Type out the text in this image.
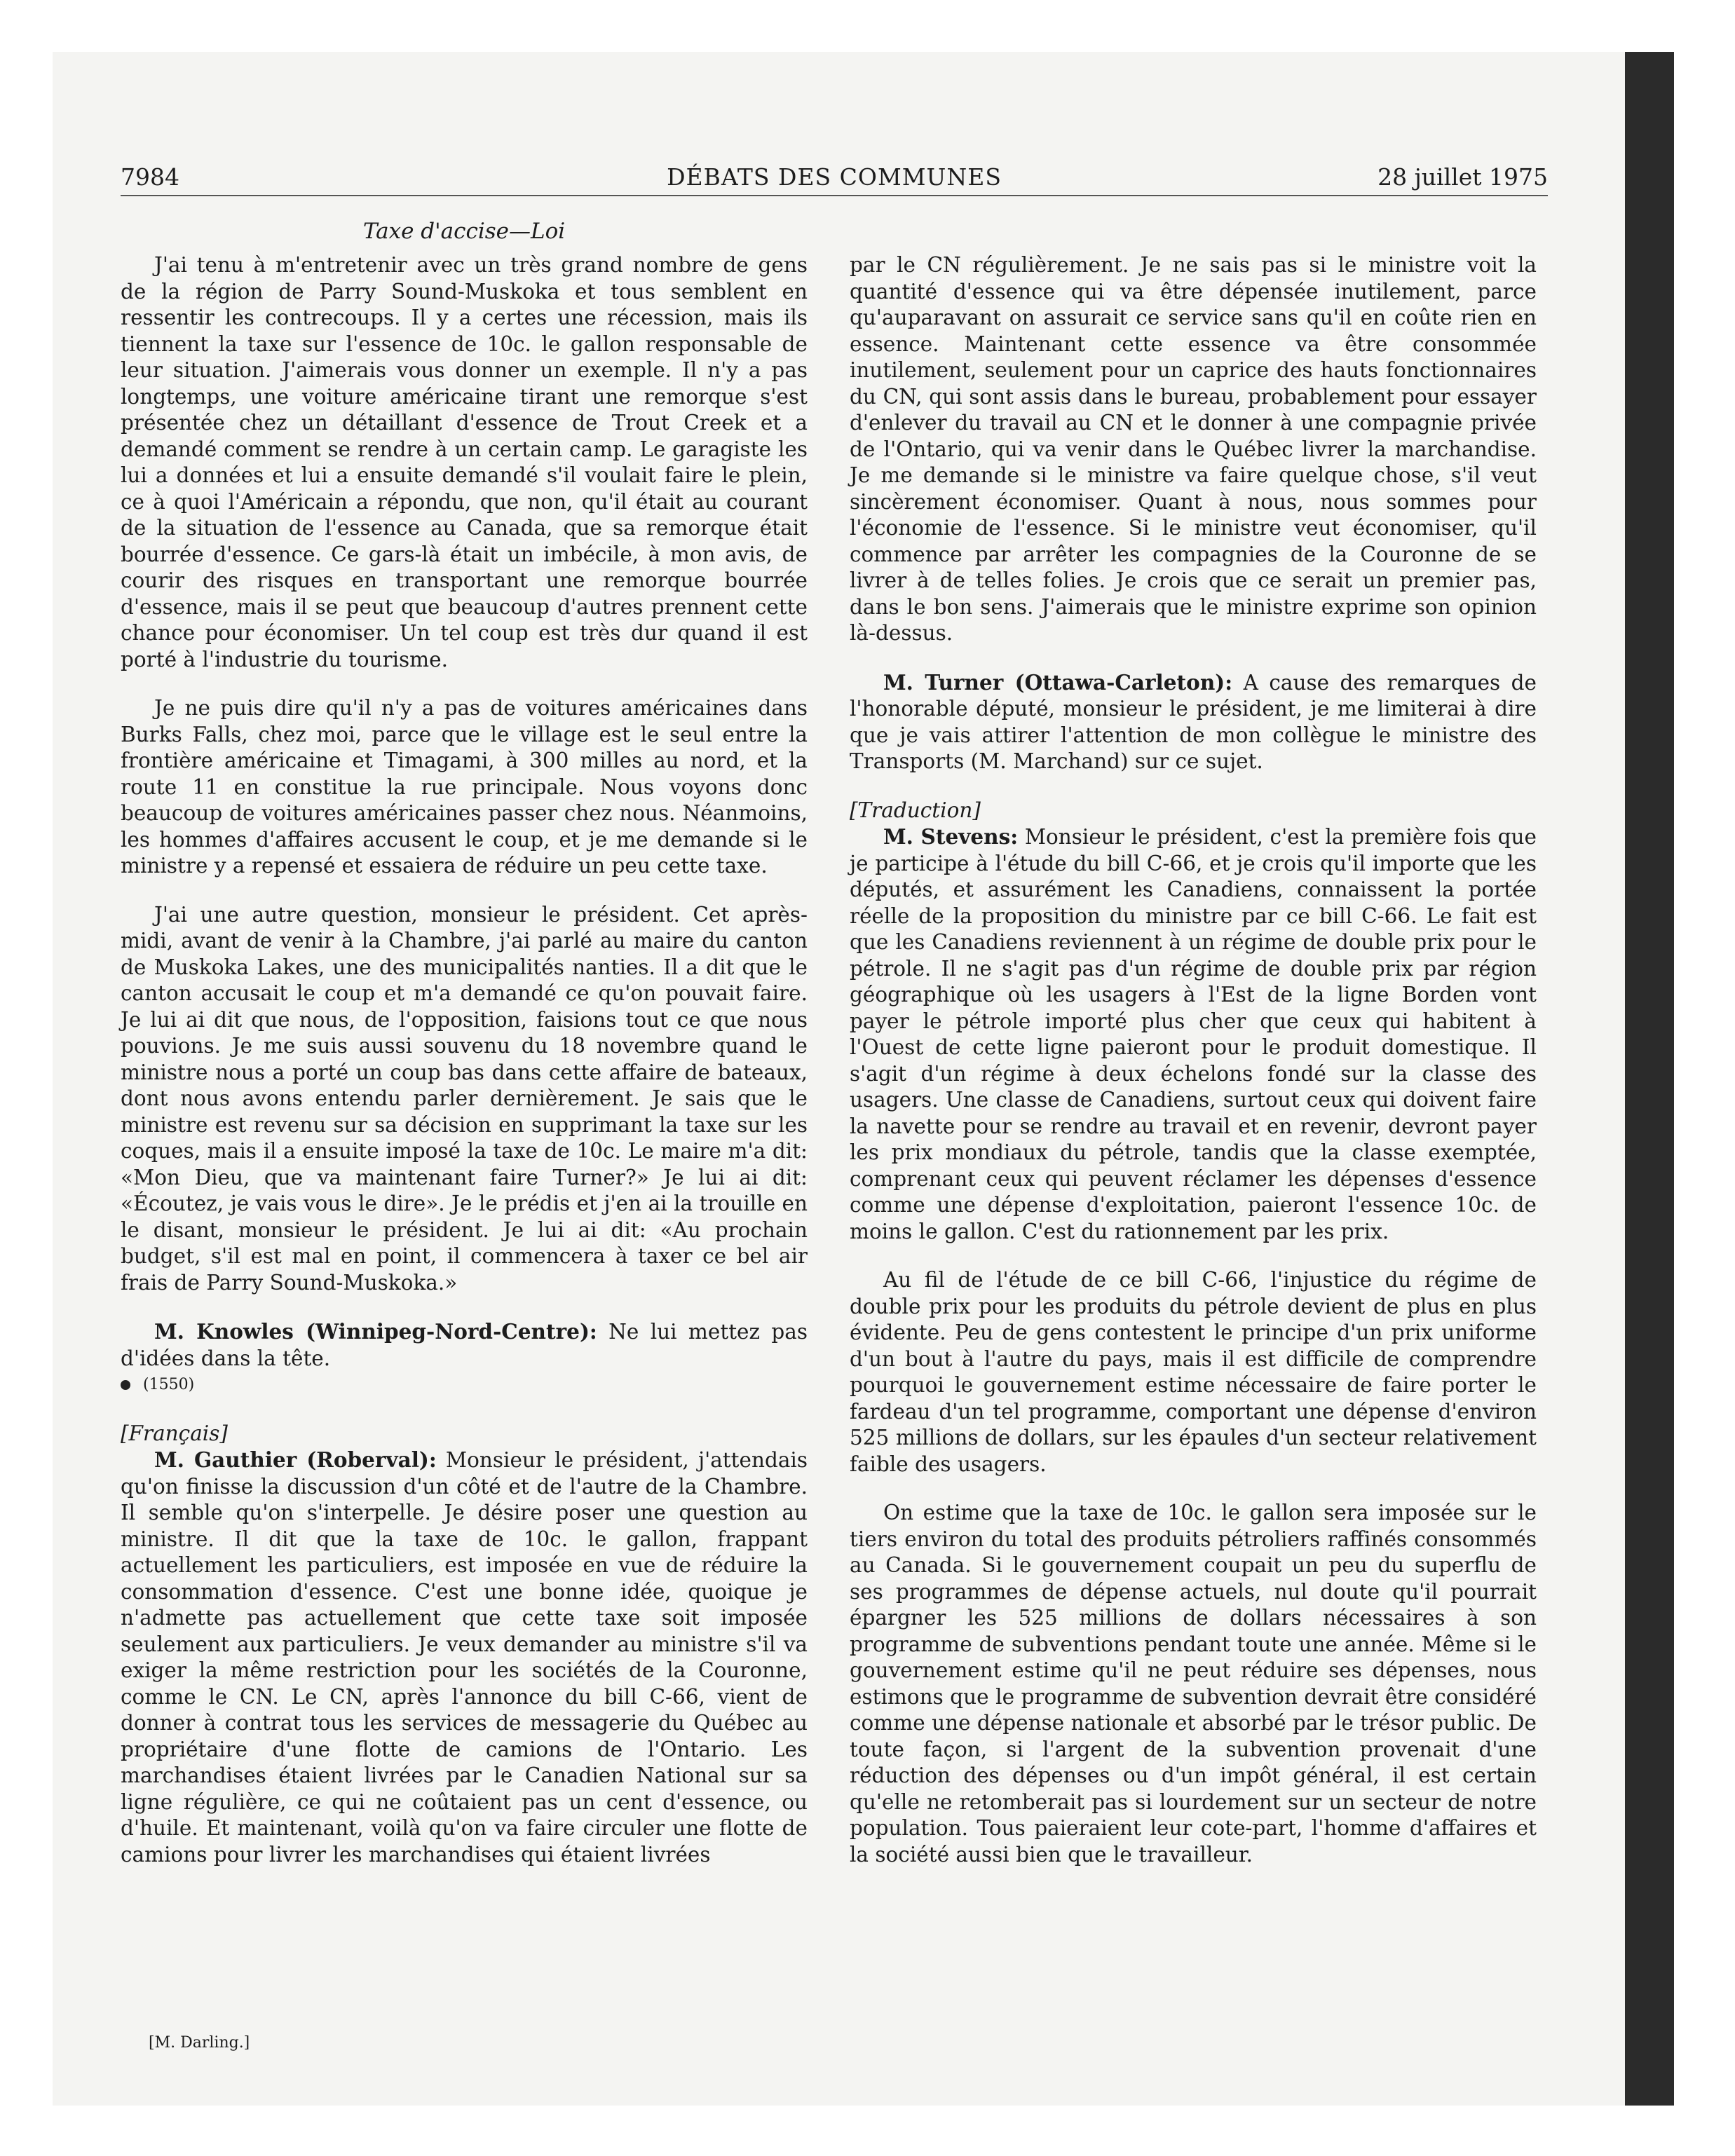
7984	DÉBATS DES COMMUNES	28 juillet 1975
Taxe d'accise—Loi

J'ai tenu à m'entretenir avec un très grand nombre de gens de la région de Parry Sound-Muskoka et tous semblent en ressentir les contrecoups. Il y a certes une récession, mais ils tiennent la taxe sur l'essence de 10c. le gallon responsable de leur situation. J'aimerais vous donner un exemple. Il n'y a pas longtemps, une voiture américaine tirant une remorque s'est présentée chez un détaillant d'essence de Trout Creek et a demandé comment se rendre à un certain camp. Le garagiste les lui a données et lui a ensuite demandé s'il voulait faire le plein, ce à quoi l'Américain a répondu, que non, qu'il était au courant de la situation de l'essence au Canada, que sa remorque était bourrée d'essence. Ce gars-là était un imbécile, à mon avis, de courir des risques en transportant une remorque bourrée d'essence, mais il se peut que beaucoup d'autres prennent cette chance pour économiser. Un tel coup est très dur quand il est porté à l'industrie du tourisme.

Je ne puis dire qu'il n'y a pas de voitures américaines dans Burks Falls, chez moi, parce que le village est le seul entre la frontière américaine et Timagami, à 300 milles au nord, et la route 11 en constitue la rue principale. Nous voyons donc beaucoup de voitures américaines passer chez nous. Néanmoins, les hommes d'affaires accusent le coup, et je me demande si le ministre y a repensé et essaiera de réduire un peu cette taxe.

J'ai une autre question, monsieur le président. Cet après-midi, avant de venir à la Chambre, j'ai parlé au maire du canton de Muskoka Lakes, une des municipalités nanties. Il a dit que le canton accusait le coup et m'a demandé ce qu'on pouvait faire. Je lui ai dit que nous, de l'opposition, faisions tout ce que nous pouvions. Je me suis aussi souvenu du 18 novembre quand le ministre nous a porté un coup bas dans cette affaire de bateaux, dont nous avons entendu parler dernièrement. Je sais que le ministre est revenu sur sa décision en supprimant la taxe sur les coques, mais il a ensuite imposé la taxe de 10c. Le maire m'a dit: «Mon Dieu, que va maintenant faire Turner?» Je lui ai dit: «Écoutez, je vais vous le dire». Je le prédis et j'en ai la trouille en le disant, monsieur le président. Je lui ai dit: «Au prochain budget, s'il est mal en point, il commencera à taxer ce bel air frais de Parry Sound-Muskoka.»

M. Knowles (Winnipeg-Nord-Centre): Ne lui mettez pas d'idées dans la tête.

(1550)

[Français]

M. Gauthier (Roberval): Monsieur le président, j'attendais qu'on finisse la discussion d'un côté et de l'autre de la Chambre. Il semble qu'on s'interpelle. Je désire poser une question au ministre. Il dit que la taxe de 10c. le gallon, frappant actuellement les particuliers, est imposée en vue de réduire la consommation d'essence. C'est une bonne idée, quoique je n'admette pas actuellement que cette taxe soit imposée seulement aux particuliers. Je veux demander au ministre s'il va exiger la même restriction pour les sociétés de la Couronne, comme le CN. Le CN, après l'annonce du bill C-66, vient de donner à contrat tous les services de messagerie du Québec au propriétaire d'une flotte de camions de l'Ontario. Les marchandises étaient livrées par le Canadien National sur sa ligne régulière, ce qui ne coûtaient pas un cent d'essence, ou d'huile. Et maintenant, voilà qu'on va faire circuler une flotte de camions pour livrer les marchandises qui étaient livrées

par le CN régulièrement. Je ne sais pas si le ministre voit la quantité d'essence qui va être dépensée inutilement, parce qu'auparavant on assurait ce service sans qu'il en coûte rien en essence. Maintenant cette essence va être consommée inutilement, seulement pour un caprice des hauts fonctionnaires du CN, qui sont assis dans le bureau, probablement pour essayer d'enlever du travail au CN et le donner à une compagnie privée de l'Ontario, qui va venir dans le Québec livrer la marchandise. Je me demande si le ministre va faire quelque chose, s'il veut sincèrement économiser. Quant à nous, nous sommes pour l'économie de l'essence. Si le ministre veut économiser, qu'il commence par arrêter les compagnies de la Couronne de se livrer à de telles folies. Je crois que ce serait un premier pas, dans le bon sens. J'aimerais que le ministre exprime son opinion là-dessus.

M. Turner (Ottawa-Carleton): A cause des remarques de l'honorable député, monsieur le président, je me limiterai à dire que je vais attirer l'attention de mon collègue le ministre des Transports (M. Marchand) sur ce sujet.

[Traduction]

M. Stevens: Monsieur le président, c'est la première fois que je participe à l'étude du bill C-66, et je crois qu'il importe que les députés, et assurément les Canadiens, connaissent la portée réelle de la proposition du ministre par ce bill C-66. Le fait est que les Canadiens reviennent à un régime de double prix pour le pétrole. Il ne s'agit pas d'un régime de double prix par région géographique où les usagers à l'Est de la ligne Borden vont payer le pétrole importé plus cher que ceux qui habitent à l'Ouest de cette ligne paieront pour le produit domestique. Il s'agit d'un régime à deux échelons fondé sur la classe des usagers. Une classe de Canadiens, surtout ceux qui doivent faire la navette pour se rendre au travail et en revenir, devront payer les prix mondiaux du pétrole, tandis que la classe exemptée, comprenant ceux qui peuvent réclamer les dépenses d'essence comme une dépense d'exploitation, paieront l'essence 10c. de moins le gallon. C'est du rationnement par les prix.

Au fil de l'étude de ce bill C-66, l'injustice du régime de double prix pour les produits du pétrole devient de plus en plus évidente. Peu de gens contestent le principe d'un prix uniforme d'un bout à l'autre du pays, mais il est difficile de comprendre pourquoi le gouvernement estime nécessaire de faire porter le fardeau d'un tel programme, comportant une dépense d'environ 525 millions de dollars, sur les épaules d'un secteur relativement faible des usagers.

On estime que la taxe de 10c. le gallon sera imposée sur le tiers environ du total des produits pétroliers raffinés consommés au Canada. Si le gouvernement coupait un peu du superflu de ses programmes de dépense actuels, nul doute qu'il pourrait épargner les 525 millions de dollars nécessaires à son programme de subventions pendant toute une année. Même si le gouvernement estime qu'il ne peut réduire ses dépenses, nous estimons que le programme de subvention devrait être considéré comme une dépense nationale et absorbé par le trésor public. De toute façon, si l'argent de la subvention provenait d'une réduction des dépenses ou d'un impôt général, il est certain qu'elle ne retomberait pas si lourdement sur un secteur de notre population. Tous paieraient leur cote-part, l'homme d'affaires et la société aussi bien que le travailleur.

[M. Darling.]
